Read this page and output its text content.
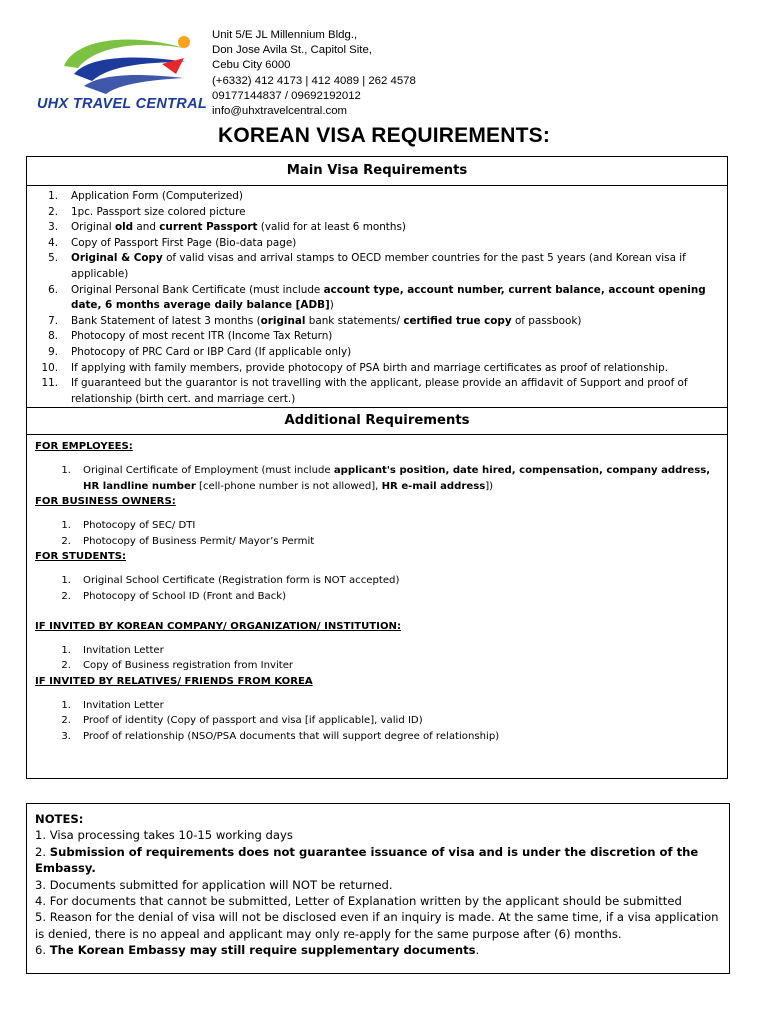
UHX TRAVEL CENTRAL
Unit 5/E JL Millennium Bldg.,
Don Jose Avila St., Capitol Site,
Cebu City 6000
(+6332) 412 4173 | 412 4089 | 262 4578
09177144837 / 09692192012
info@uhxtravelcentral.com
KOREAN VISA REQUIREMENTS:
Main Visa Requirements
1. Application Form (Computerized)
2. 1pc. Passport size colored picture
3. Original old and current Passport (valid for at least 6 months)
4. Copy of Passport First Page (Bio-data page)
5. Original & Copy of valid visas and arrival stamps to OECD member countries for the past 5 years (and Korean visa if applicable)
6. Original Personal Bank Certificate (must include account type, account number, current balance, account opening date, 6 months average daily balance [ADB])
7. Bank Statement of latest 3 months (original bank statements/ certified true copy of passbook)
8. Photocopy of most recent ITR (Income Tax Return)
9. Photocopy of PRC Card or IBP Card (If applicable only)
10. If applying with family members, provide photocopy of PSA birth and marriage certificates as proof of relationship.
11. If guaranteed but the guarantor is not travelling with the applicant, please provide an affidavit of Support and proof of relationship (birth cert. and marriage cert.)
Additional Requirements
FOR EMPLOYEES:
1. Original Certificate of Employment (must include applicant's position, date hired, compensation, company address, HR landline number [cell-phone number is not allowed], HR e-mail address])
FOR BUSINESS OWNERS:
1. Photocopy of SEC/ DTI
2. Photocopy of Business Permit/ Mayor’s Permit
FOR STUDENTS:
1. Original School Certificate (Registration form is NOT accepted)
2. Photocopy of School ID (Front and Back)
IF INVITED BY KOREAN COMPANY/ ORGANIZATION/ INSTITUTION:
1. Invitation Letter
2. Copy of Business registration from Inviter
IF INVITED BY RELATIVES/ FRIENDS FROM KOREA
1. Invitation Letter
2. Proof of identity (Copy of passport and visa [if applicable], valid ID)
3. Proof of relationship (NSO/PSA documents that will support degree of relationship)
NOTES:
1. Visa processing takes 10-15 working days
2. Submission of requirements does not guarantee issuance of visa and is under the discretion of the Embassy.
3. Documents submitted for application will NOT be returned.
4. For documents that cannot be submitted, Letter of Explanation written by the applicant should be submitted
5. Reason for the denial of visa will not be disclosed even if an inquiry is made. At the same time, if a visa application is denied, there is no appeal and applicant may only re-apply for the same purpose after (6) months.
6. The Korean Embassy may still require supplementary documents.
